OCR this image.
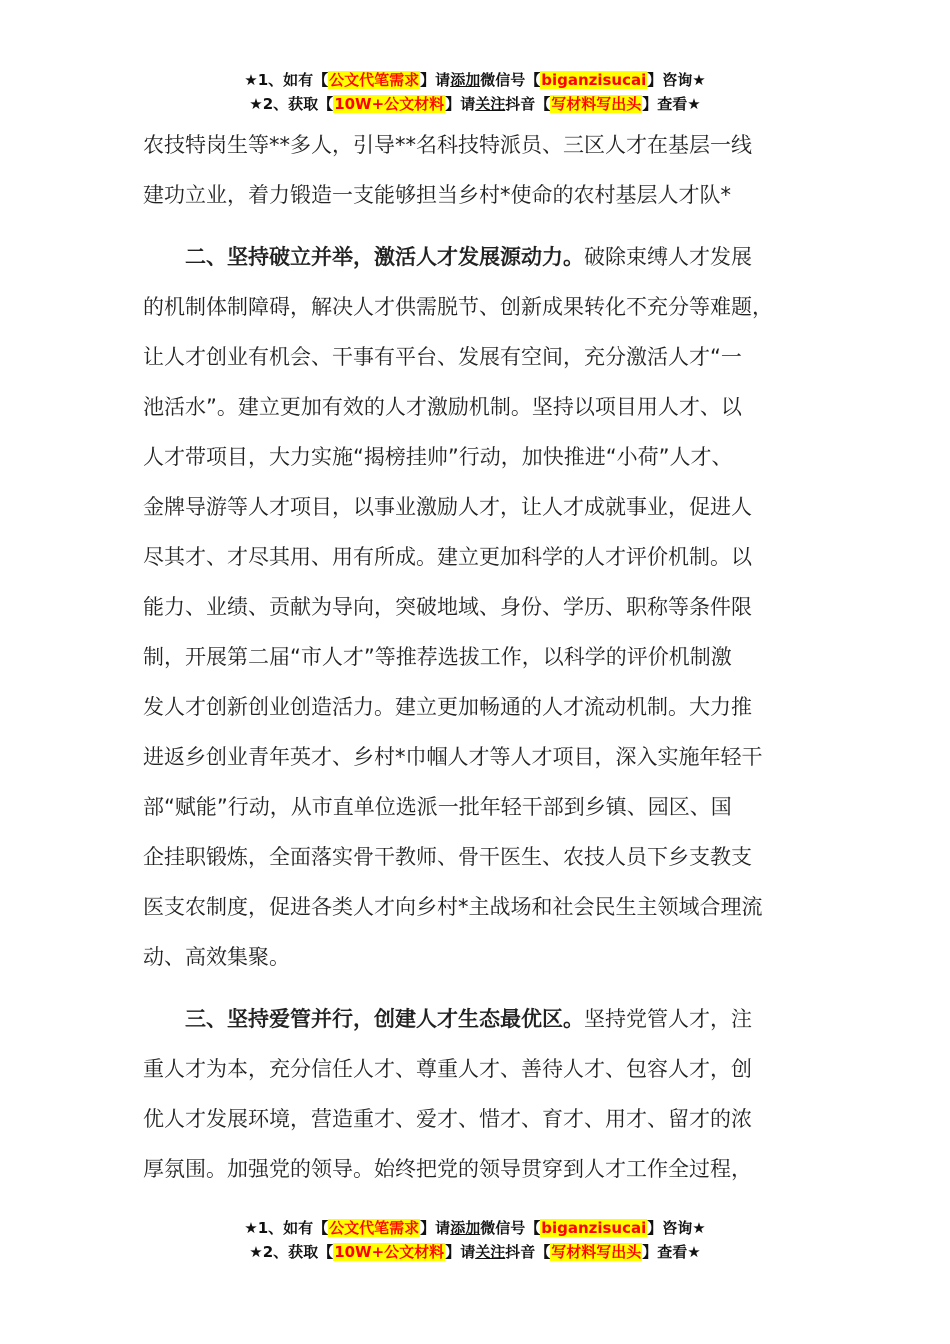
★1、如有【公文代笔需求】请添加微信号【biganzisucai】咨询★
★2、获取【10W+公文材料】请关注抖音【写材料写出头】查看★
农技特岗生等**多人，引导**名科技特派员、三区人才在基层一线
建功立业，着力锻造一支能够担当乡村*使命的农村基层人才队*
二、坚持破立并举，激活人才发展源动力。破除束缚人才发展
的机制体制障碍，解决人才供需脱节、创新成果转化不充分等难题，
让人才创业有机会、干事有平台、发展有空间，充分激活人才“一
池活水”。建立更加有效的人才激励机制。坚持以项目用人才、以
人才带项目，大力实施“揭榜挂帅”行动，加快推进“小荷”人才、
金牌导游等人才项目，以事业激励人才，让人才成就事业，促进人
尽其才、才尽其用、用有所成。建立更加科学的人才评价机制。以
能力、业绩、贡献为导向，突破地域、身份、学历、职称等条件限
制，开展第二届“市人才”等推荐选拔工作，以科学的评价机制激
发人才创新创业创造活力。建立更加畅通的人才流动机制。大力推
进返乡创业青年英才、乡村*巾帼人才等人才项目，深入实施年轻干
部“赋能”行动，从市直单位选派一批年轻干部到乡镇、园区、国
企挂职锻炼，全面落实骨干教师、骨干医生、农技人员下乡支教支
医支农制度，促进各类人才向乡村*主战场和社会民生主领域合理流
动、高效集聚。
三、坚持爱管并行，创建人才生态最优区。坚持党管人才，注
重人才为本，充分信任人才、尊重人才、善待人才、包容人才，创
优人才发展环境，营造重才、爱才、惜才、育才、用才、留才的浓
厚氛围。加强党的领导。始终把党的领导贯穿到人才工作全过程，
★1、如有【公文代笔需求】请添加微信号【biganzisucai】咨询★
★2、获取【10W+公文材料】请关注抖音【写材料写出头】查看★
